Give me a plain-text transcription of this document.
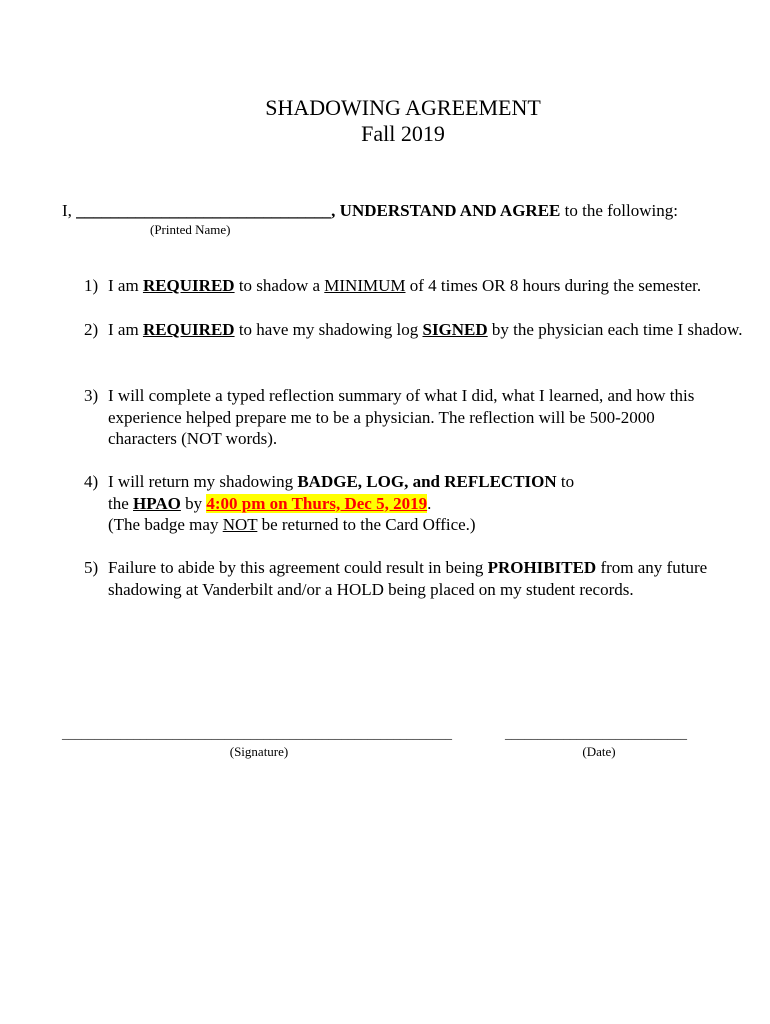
SHADOWING AGREEMENT
Fall 2019
I, ______________________________, UNDERSTAND AND AGREE to the following:
(Printed Name)
1) I am REQUIRED to shadow a MINIMUM of 4 times OR 8 hours during the semester.
2) I am REQUIRED to have my shadowing log SIGNED by the physician each time I shadow.
3) I will complete a typed reflection summary of what I did, what I learned, and how this
experience helped prepare me to be a physician. The reflection will be 500-2000
characters (NOT words).
4) I will return my shadowing BADGE, LOG, and REFLECTION to
the HPAO by 4:00 pm on Thurs, Dec 5, 2019.
(The badge may NOT be returned to the Card Office.)
5) Failure to abide by this agreement could result in being PROHIBITED from any future
shadowing at Vanderbilt and/or a HOLD being placed on my student records.
____________________________________________________________
(Signature)
____________________________
(Date)
